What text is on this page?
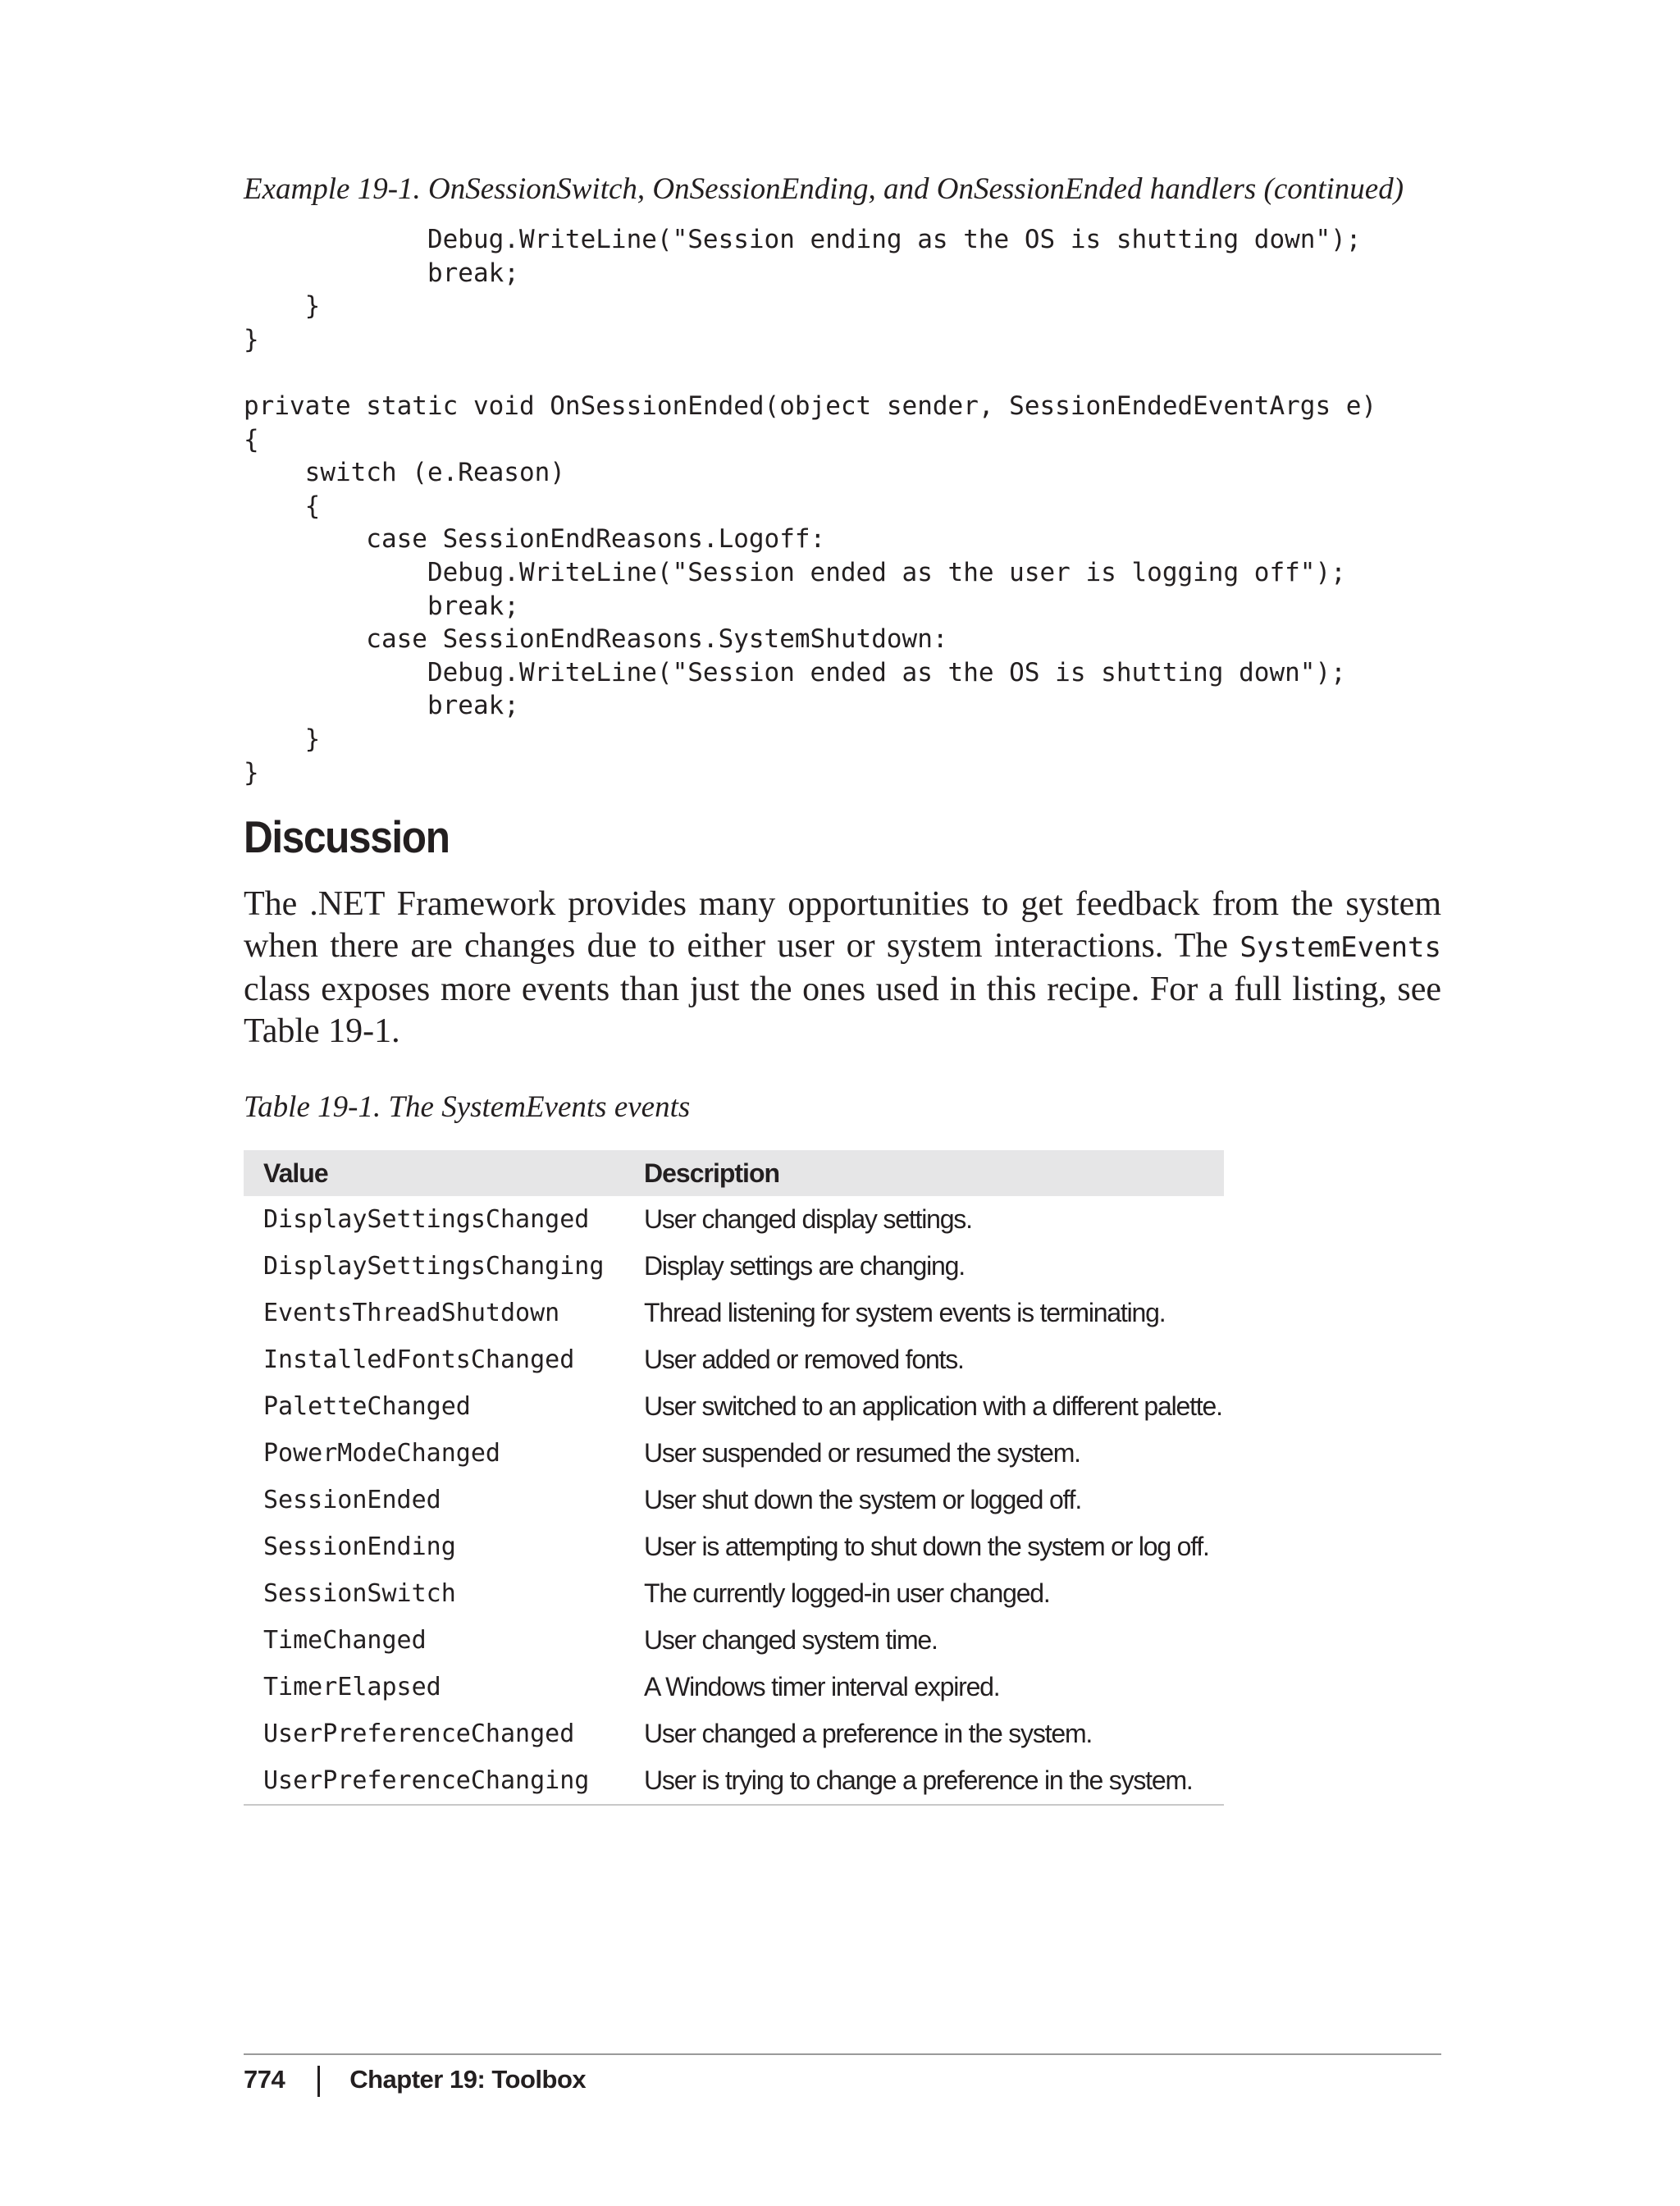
Example 19-1. OnSessionSwitch, OnSessionEnding, and OnSessionEnded handlers (continued)
Debug.WriteLine("Session ending as the OS is shutting down");
break;
}
}
private static void OnSessionEnded(object sender, SessionEndedEventArgs e)
{
switch (e.Reason)
{
case SessionEndReasons.Logoff:
Debug.WriteLine("Session ended as the user is logging off");
break;
case SessionEndReasons.SystemShutdown:
Debug.WriteLine("Session ended as the OS is shutting down");
break;
}
}
Discussion

The .NET Framework provides many opportunities to get feedback from the system when there are changes due to either user or system interactions. The SystemEvents class exposes more events than just the ones used in this recipe. For a full listing, see Table 19-1.

Table 19-1. The SystemEvents events
Value	Description
DisplaySettingsChanged	User changed display settings.
DisplaySettingsChanging	Display settings are changing.
EventsThreadShutdown	Thread listening for system events is terminating.
InstalledFontsChanged	User added or removed fonts.
PaletteChanged	User switched to an application with a different palette.
PowerModeChanged	User suspended or resumed the system.
SessionEnded	User shut down the system or logged off.
SessionEnding	User is attempting to shut down the system or log off.
SessionSwitch	The currently logged-in user changed.
TimeChanged	User changed system time.
TimerElapsed	A Windows timer interval expired.
UserPreferenceChanged	User changed a preference in the system.
UserPreferenceChanging	User is trying to change a preference in the system.
774	Chapter 19: Toolbox
